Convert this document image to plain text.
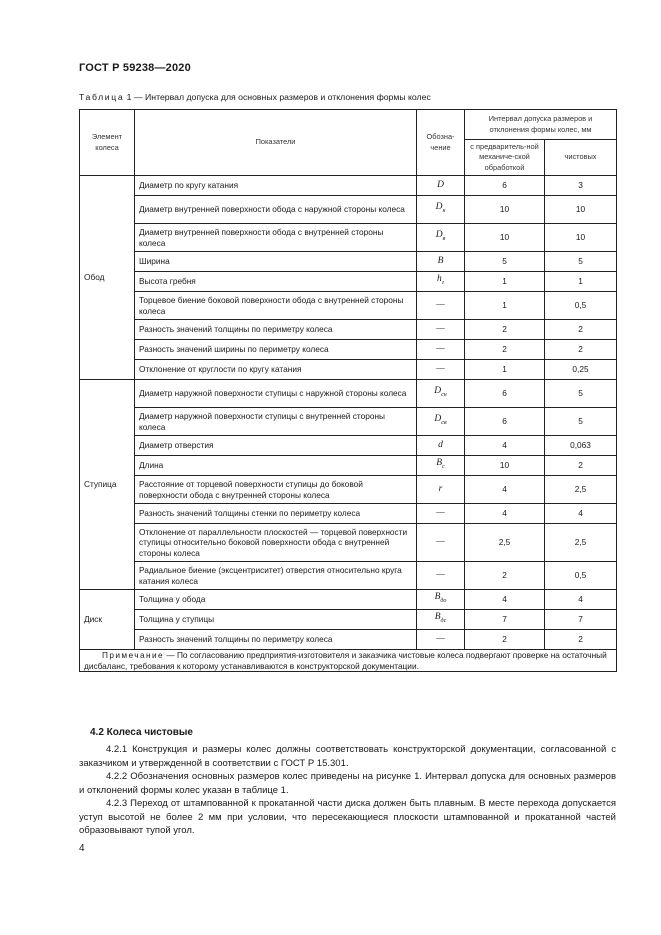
ГОСТ Р 59238—2020
Таблица 1 — Интервал допуска для основных размеров и отклонения формы колес
Элемент колеса	Показатели	Обозна-чение	Интервал допуска размеров и отклонения формы колес, мм	
			с предваритель-ной механиче-ской обработкой	чистовых
Обод	Диаметр по кругу катания	D	6	3
	Диаметр внутренней поверхности обода с наружной стороны колеса	$D_н$	10	10
	Диаметр внутренней поверхности обода с внутренней стороны колеса	$D_в$	10	10
	Ширина	B	5	5
	Высота гребня	$h_г$	1	1
	Торцевое биение боковой поверхности обода с внутренней стороны колеса	—	1	0,5
	Разность значений толщины по периметру колеса	—	2	2
	Разность значений ширины по периметру колеса	—	2	2
	Отклонение от круглости по кругу катания	—	1	0,25
Ступица	Диаметр наружной поверхности ступицы с наружной стороны колеса	$D_{сн}$	6	5
	Диаметр наружной поверхности ступицы с внутренней стороны колеса	$D_{св}$	6	5
	Диаметр отверстия	d	4	0,063
	Длина	$B_с$	10	2
	Расстояние от торцевой поверхности ступицы до боковой поверхности обода с внутренней стороны колеса	r	4	2,5
	Разность значений толщины стенки по периметру колеса	—	4	4
	Отклонение от параллельности плоскостей — торцевой поверхности ступицы относительно боковой поверхности обода с внутренней стороны колеса	—	2,5	2,5
	Радиальное биение (эксцентриситет) отверстия относительно круга катания колеса	—	2	0,5
Диск	Толщина у обода	$B_{до}$	4	4
	Толщина у ступицы	$B_{дс}$	7	7
	Разность значений толщины по периметру колеса	—	2	2
Примечание — По согласованию предприятия-изготовителя и заказчика чистовые колеса подвергают проверке на остаточный дисбаланс, требования к которому устанавливаются в конструкторской документации.				
4.2 Колеса чистовые
4.2.1 Конструкция и размеры колес должны соответствовать конструкторской документации, согласованной с заказчиком и утвержденной в соответствии с ГОСТ Р 15.301.
4.2.2 Обозначения основных размеров колес приведены на рисунке 1. Интервал допуска для основных размеров и отклонений формы колес указан в таблице 1.
4.2.3 Переход от штампованной к прокатанной части диска должен быть плавным. В месте перехода допускается уступ высотой не более 2 мм при условии, что пересекающиеся плоскости штампованной и прокатанной частей образовывают тупой угол.
4
